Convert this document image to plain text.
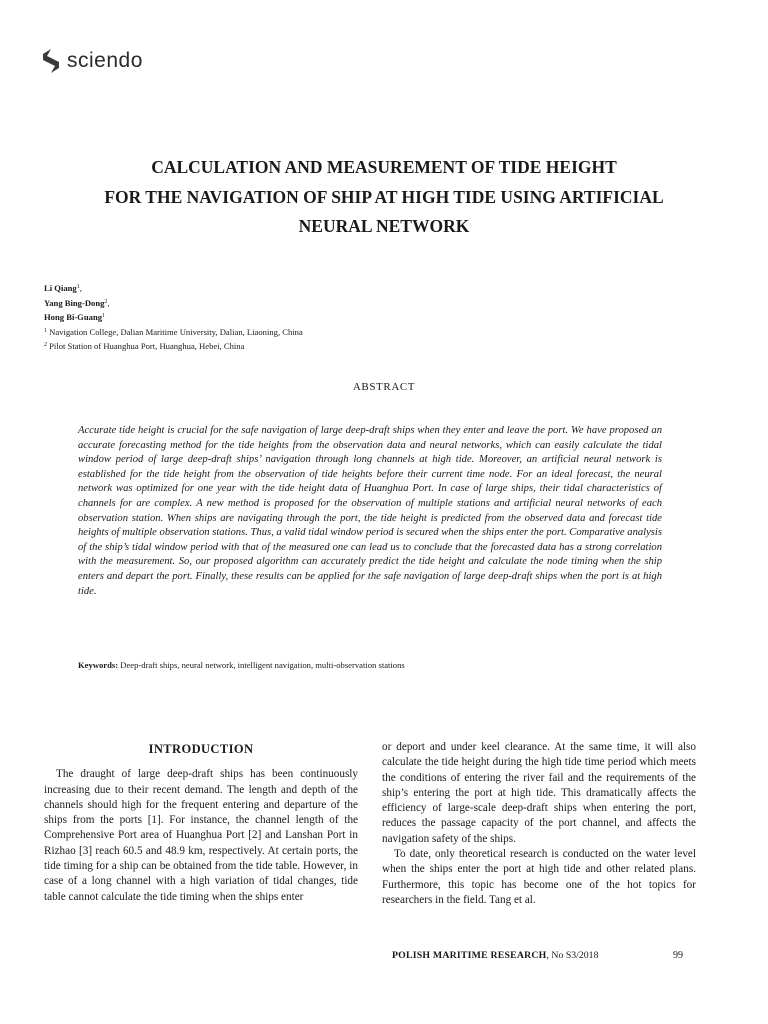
sciendo
CALCULATION AND MEASUREMENT OF TIDE HEIGHT
FOR THE NAVIGATION OF SHIP AT HIGH TIDE USING ARTIFICIAL
NEURAL NETWORK
Li Qiang$^1$,
Yang Bing-Dong$^2$,
Hong Bi-Guang$^1$
$^1$ Navigation College, Dalian Maritime University, Dalian, Liaoning, China
$^2$ Pilot Station of Huanghua Port, Huanghua, Hebei, China
ABSTRACT

Accurate tide height is crucial for the safe navigation of large deep-draft ships when they enter and leave the port. We have proposed an accurate forecasting method for the tide heights from the observation data and neural networks, which can easily calculate the tidal window period of large deep-draft ships’ navigation through long channels at high tide. Moreover, an artificial neural network is established for the tide height from the observation of tide heights before their current time node. For an ideal forecast, the neural network was optimized for one year with the tide height data of Huanghua Port. In case of large ships, their tidal characteristics of channels for are complex. A new method is proposed for the observation of multiple stations and artificial neural networks of each observation station. When ships are navigating through the port, the tide height is predicted from the observed data and forecast tide heights of multiple observation stations. Thus, a valid tidal window period is secured when the ships enter the port. Comparative analysis of the ship’s tidal window period with that of the measured one can lead us to conclude that the forecasted data has a strong correlation with the measurement. So, our proposed algorithm can accurately predict the tide height and calculate the node timing when the ship enters and depart the port. Finally, these results can be applied for the safe navigation of large deep-draft ships when the port is at high tide.

Keywords: Deep-draft ships, neural network, intelligent navigation, multi-observation stations
INTRODUCTION

The draught of large deep-draft ships has been continuously increasing due to their recent demand. The length and depth of the channels should high for the frequent entering and departure of the ships from the ports [1]. For instance, the channel length of the Comprehensive Port area of Huanghua Port [2] and Lanshan Port in Rizhao [3] reach 60.5 and 48.9 km, respectively. At certain ports, the tide timing for a ship can be obtained from the tide table. However, in case of a long channel with a high variation of tidal changes, tide table cannot calculate the tide timing when the ships enter

or deport and under keel clearance. At the same time, it will also calculate the tide height during the high tide time period which meets the conditions of entering the river fail and the requirements of the ship’s entering the port at high tide. This dramatically affects the efficiency of large-scale deep-draft ships when entering the port, reduces the passage capacity of the port channel, and affects the navigation safety of the ships.

To date, only theoretical research is conducted on the water level when the ships enter the port at high tide and other related plans. Furthermore, this topic has become one of the hot topics for researchers in the field. Tang et al.

POLISH MARITIME RESEARCH, No S3/2018	99
